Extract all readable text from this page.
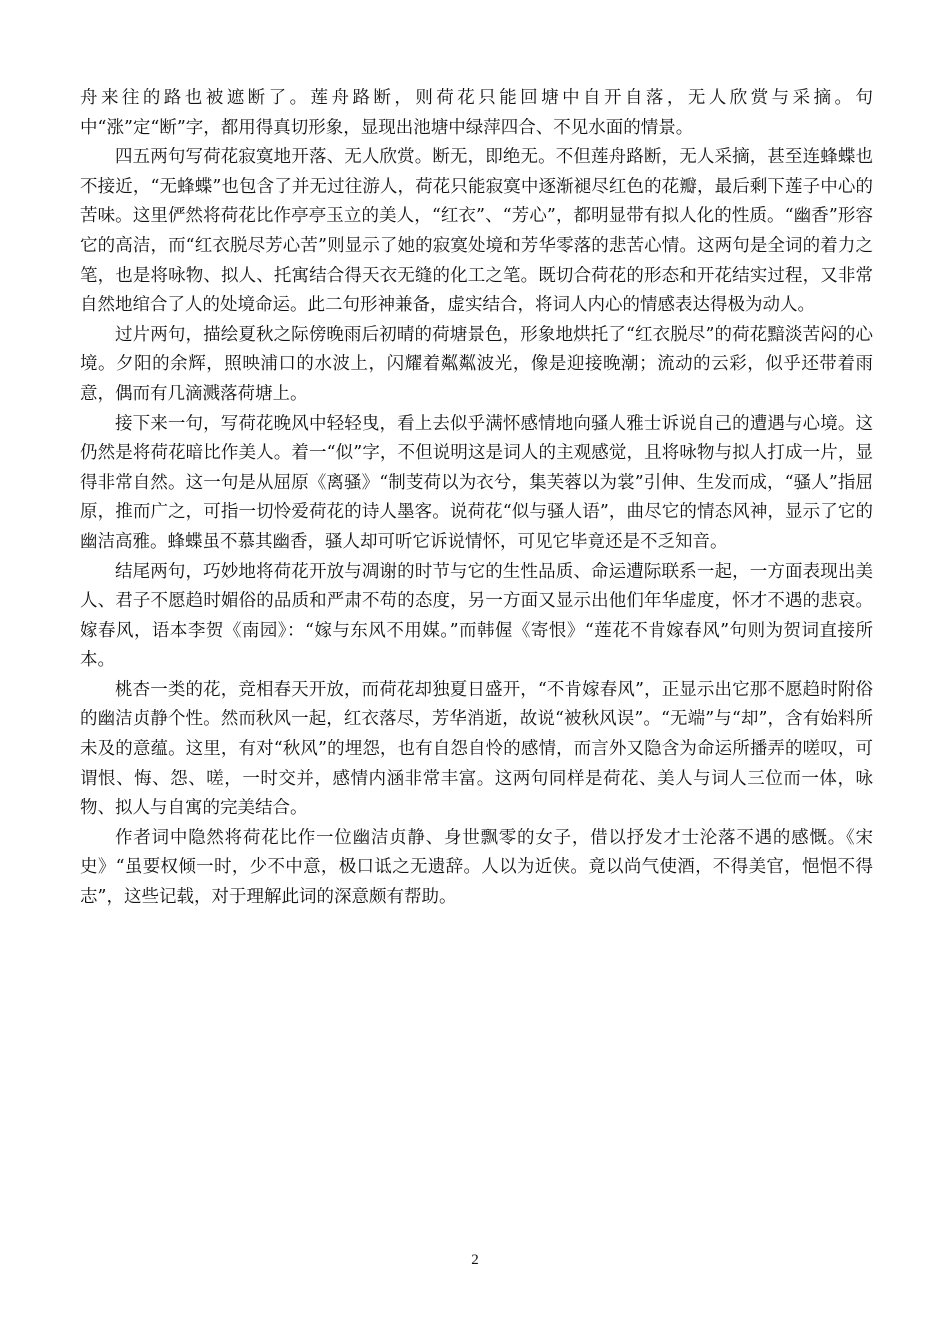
舟来往的路也被遮断了。莲舟路断，则荷花只能回塘中自开自落，无人欣赏与采摘。句中“涨”定“断”字，都用得真切形象，显现出池塘中绿萍四合、不见水面的情景。

四五两句写荷花寂寞地开落、无人欣赏。断无，即绝无。不但莲舟路断，无人采摘，甚至连蜂蝶也不接近，“无蜂蝶”也包含了并无过往游人，荷花只能寂寞中逐渐褪尽红色的花瓣，最后剩下莲子中心的苦味。这里俨然将荷花比作亭亭玉立的美人，“红衣”、“芳心”，都明显带有拟人化的性质。“幽香”形容它的高洁，而“红衣脱尽芳心苦”则显示了她的寂寞处境和芳华零落的悲苦心情。这两句是全词的着力之笔，也是将咏物、拟人、托寓结合得天衣无缝的化工之笔。既切合荷花的形态和开花结实过程，又非常自然地绾合了人的处境命运。此二句形神兼备，虚实结合，将词人内心的情感表达得极为动人。

过片两句，描绘夏秋之际傍晚雨后初晴的荷塘景色，形象地烘托了“红衣脱尽”的荷花黯淡苦闷的心境。夕阳的余辉，照映浦口的水波上，闪耀着粼粼波光，像是迎接晚潮；流动的云彩，似乎还带着雨意，偶而有几滴溅落荷塘上。

接下来一句，写荷花晚风中轻轻曳，看上去似乎满怀感情地向骚人雅士诉说自己的遭遇与心境。这仍然是将荷花暗比作美人。着一“似”字，不但说明这是词人的主观感觉，且将咏物与拟人打成一片，显得非常自然。这一句是从屈原《离骚》“制芰荷以为衣兮，集芙蓉以为裳”引伸、生发而成，“骚人”指屈原，推而广之，可指一切怜爱荷花的诗人墨客。说荷花“似与骚人语”，曲尽它的情态风神，显示了它的幽洁高雅。蜂蝶虽不慕其幽香，骚人却可听它诉说情怀，可见它毕竟还是不乏知音。

结尾两句，巧妙地将荷花开放与凋谢的时节与它的生性品质、命运遭际联系一起，一方面表现出美人、君子不愿趋时媚俗的品质和严肃不苟的态度，另一方面又显示出他们年华虚度，怀才不遇的悲哀。嫁春风，语本李贺《南园》：“嫁与东风不用媒。”而韩偓《寄恨》“莲花不肯嫁春风”句则为贺词直接所本。

桃杏一类的花，竞相春天开放，而荷花却独夏日盛开，“不肯嫁春风”，正显示出它那不愿趋时附俗的幽洁贞静个性。然而秋风一起，红衣落尽，芳华消逝，故说“被秋风误”。“无端”与“却”，含有始料所未及的意蕴。这里，有对“秋风”的埋怨，也有自怨自怜的感情，而言外又隐含为命运所播弄的嗟叹，可谓恨、悔、怨、嗟，一时交并，感情内涵非常丰富。这两句同样是荷花、美人与词人三位而一体，咏物、拟人与自寓的完美结合。

作者词中隐然将荷花比作一位幽洁贞静、身世飘零的女子，借以抒发才士沦落不遇的感慨。《宋史》“虽要权倾一时，少不中意，极口诋之无遗辞。人以为近侠。竟以尚气使酒，不得美官，悒悒不得志”，这些记载，对于理解此词的深意颇有帮助。

2
